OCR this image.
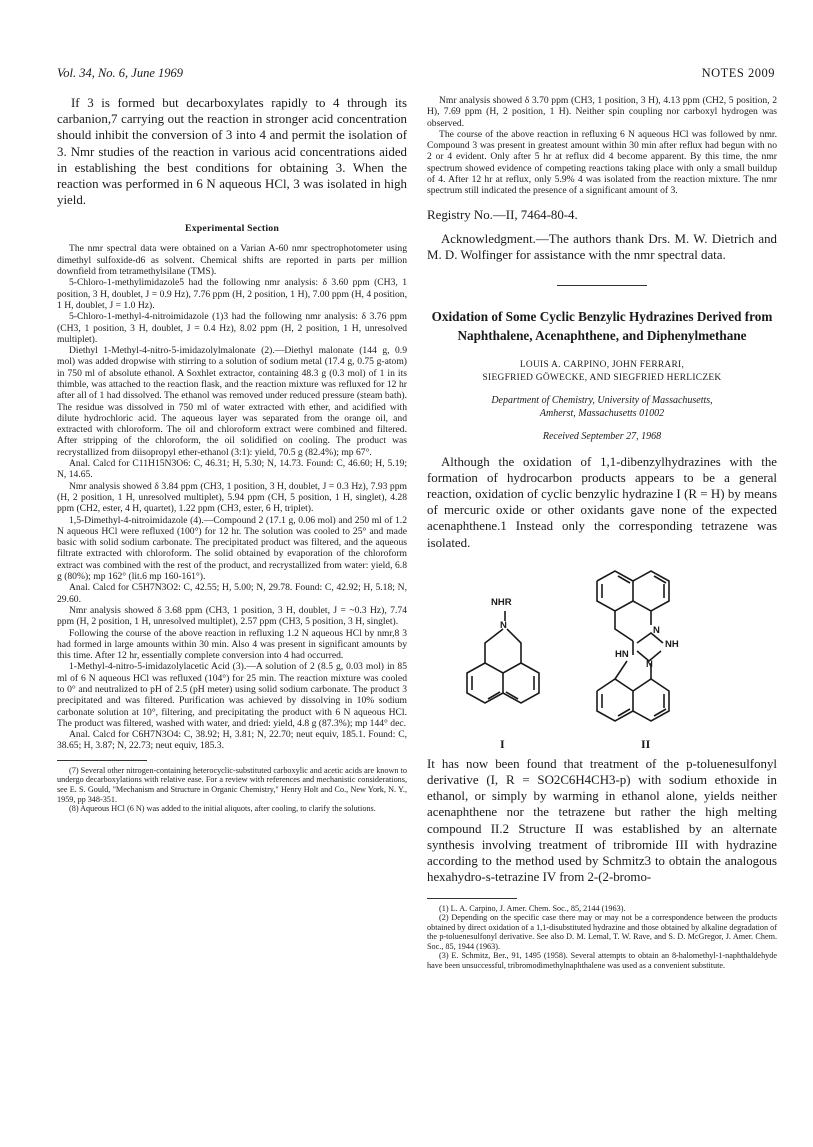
Vol. 34, No. 6, June 1969	NOTES 2009

If 3 is formed but decarboxylates rapidly to 4 through its carbanion,7 carrying out the reaction in stronger acid concentration should inhibit the conversion of 3 into 4 and permit the isolation of 3. Nmr studies of the reaction in various acid concentrations aided in establishing the best conditions for obtaining 3. When the reaction was performed in 6 N aqueous HCl, 3 was isolated in high yield.

Experimental Section

The nmr spectral data were obtained on a Varian A-60 nmr spectrophotometer using dimethyl sulfoxide-d6 as solvent. Chemical shifts are reported in parts per million downfield from tetramethylsilane (TMS).

5-Chloro-1-methylimidazole5 had the following nmr analysis: δ 3.60 ppm (CH3, 1 position, 3 H, doublet, J = 0.9 Hz), 7.76 ppm (H, 2 position, 1 H), 7.00 ppm (H, 4 position, 1 H, doublet, J = 1.0 Hz).

5-Chloro-1-methyl-4-nitroimidazole (1)3 had the following nmr analysis: δ 3.76 ppm (CH3, 1 position, 3 H, doublet, J = 0.4 Hz), 8.02 ppm (H, 2 position, 1 H, unresolved multiplet).

Diethyl 1-Methyl-4-nitro-5-imidazolylmalonate (2).—Diethyl malonate (144 g, 0.9 mol) was added dropwise with stirring to a solution of sodium metal (17.4 g, 0.75 g-atom) in 750 ml of absolute ethanol. A Soxhlet extractor, containing 48.3 g (0.3 mol) of 1 in its thimble, was attached to the reaction flask, and the reaction mixture was refluxed for 12 hr after all of 1 had dissolved. The ethanol was removed under reduced pressure (steam bath). The residue was dissolved in 750 ml of water extracted with ether, and acidified with dilute hydrochloric acid. The aqueous layer was separated from the orange oil, and extracted with chloroform. The oil and chloroform extract were combined and filtered. After stripping of the chloroform, the oil solidified on cooling. The product was recrystallized from diisopropyl ether-ethanol (3:1): yield, 70.5 g (82.4%); mp 67°.

Anal. Calcd for C11H15N3O6: C, 46.31; H, 5.30; N, 14.73. Found: C, 46.60; H, 5.19; N, 14.65.

Nmr analysis showed δ 3.84 ppm (CH3, 1 position, 3 H, doublet, J = 0.3 Hz), 7.93 ppm (H, 2 position, 1 H, unresolved multiplet), 5.94 ppm (CH, 5 position, 1 H, singlet), 4.28 ppm (CH2, ester, 4 H, quartet), 1.22 ppm (CH3, ester, 6 H, triplet).

1,5-Dimethyl-4-nitroimidazole (4).—Compound 2 (17.1 g, 0.06 mol) and 250 ml of 1.2 N aqueous HCl were refluxed (100°) for 12 hr. The solution was cooled to 25° and made basic with solid sodium carbonate. The precipitated product was filtered, and the aqueous filtrate extracted with chloroform. The solid obtained by evaporation of the chloroform extract was combined with the rest of the product, and recrystallized from water: yield, 6.8 g (80%); mp 162° (lit.6 mp 160-161°).

Anal. Calcd for C5H7N3O2: C, 42.55; H, 5.00; N, 29.78. Found: C, 42.92; H, 5.18; N, 29.60.

Nmr analysis showed δ 3.68 ppm (CH3, 1 position, 3 H, doublet, J = ~0.3 Hz), 7.74 ppm (H, 2 position, 1 H, unresolved multiplet), 2.57 ppm (CH3, 5 position, 3 H, singlet).

Following the course of the above reaction in refluxing 1.2 N aqueous HCl by nmr,8 3 had formed in large amounts within 30 min. Also 4 was present in significant amounts by this time. After 12 hr, essentially complete conversion into 4 had occurred.

1-Methyl-4-nitro-5-imidazolylacetic Acid (3).—A solution of 2 (8.5 g, 0.03 mol) in 85 ml of 6 N aqueous HCl was refluxed (104°) for 25 min. The reaction mixture was cooled to 0° and neutralized to pH of 2.5 (pH meter) using solid sodium carbonate. The product 3 precipitated and was filtered. Purification was achieved by dissolving in 10% sodium carbonate solution at 10°, filtering, and precipitating the product with 6 N aqueous HCl. The product was filtered, washed with water, and dried: yield, 4.8 g (87.3%); mp 144° dec.

Anal. Calcd for C6H7N3O4: C, 38.92; H, 3.81; N, 22.70; neut equiv, 185.1. Found: C, 38.65; H, 3.87; N, 22.73; neut equiv, 185.3.

(7) Several other nitrogen-containing heterocyclic-substituted carboxylic and acetic acids are known to undergo decarboxylations with relative ease. For a review with references and mechanistic considerations, see E. S. Gould, "Mechanism and Structure in Organic Chemistry," Henry Holt and Co., New York, N. Y., 1959, pp 348-351.

(8) Aqueous HCl (6 N) was added to the initial aliquots, after cooling, to clarify the solutions.

Nmr analysis showed δ 3.70 ppm (CH3, 1 position, 3 H), 4.13 ppm (CH2, 5 position, 2 H), 7.69 ppm (H, 2 position, 1 H). Neither spin coupling nor carboxyl hydrogen was observed.

The course of the above reaction in refluxing 6 N aqueous HCl was followed by nmr. Compound 3 was present in greatest amount within 30 min after reflux had begun with no 2 or 4 evident. Only after 5 hr at reflux did 4 become apparent. By this time, the nmr spectrum showed evidence of competing reactions taking place with only a small buildup of 4. After 12 hr at reflux, only 5.9% 4 was isolated from the reaction mixture. The nmr spectrum still indicated the presence of a significant amount of 3.

Registry No.—II, 7464-80-4.

Acknowledgment.—The authors thank Drs. M. W. Dietrich and M. D. Wolfinger for assistance with the nmr spectral data.

Oxidation of Some Cyclic Benzylic Hydrazines Derived from Naphthalene, Acenaphthene, and Diphenylmethane
LOUIS A. CARPINO, JOHN FERRARI,
SIEGFRIED GÖWECKE, AND SIEGFRIED HERLICZEK
Department of Chemistry, University of Massachusetts,
Amherst, Massachusetts 01002
Received September 27, 1968

Although the oxidation of 1,1-dibenzylhydrazines with the formation of hydrocarbon products appears to be a general reaction, oxidation of cyclic benzylic hydrazine I (R = H) by means of mercuric oxide or other oxidants gave none of the expected acenaphthene.1 Instead only the corresponding tetrazene was isolated.

NHR
N	N
NH
HN
N
I	II

It has now been found that treatment of the p-toluenesulfonyl derivative (I, R = SO2C6H4CH3-p) with sodium ethoxide in ethanol, or simply by warming in ethanol alone, yields neither acenaphthene nor the tetrazene but rather the high melting compound II.2 Structure II was established by an alternate synthesis involving treatment of tribromide III with hydrazine according to the method used by Schmitz3 to obtain the analogous hexahydro-s-tetrazine IV from 2-(2-bromo-

(1) L. A. Carpino, J. Amer. Chem. Soc., 85, 2144 (1963).

(2) Depending on the specific case there may or may not be a correspondence between the products obtained by direct oxidation of a 1,1-disubstituted hydrazine and those obtained by alkaline degradation of the p-toluenesulfonyl derivative. See also D. M. Lemal, T. W. Rave, and S. D. McGregor, J. Amer. Chem. Soc., 85, 1944 (1963).

(3) E. Schmitz, Ber., 91, 1495 (1958). Several attempts to obtain an 8-halomethyl-1-naphthaldehyde have been unsuccessful, tribromodimethylnaphthalene was used as a convenient substitute.
